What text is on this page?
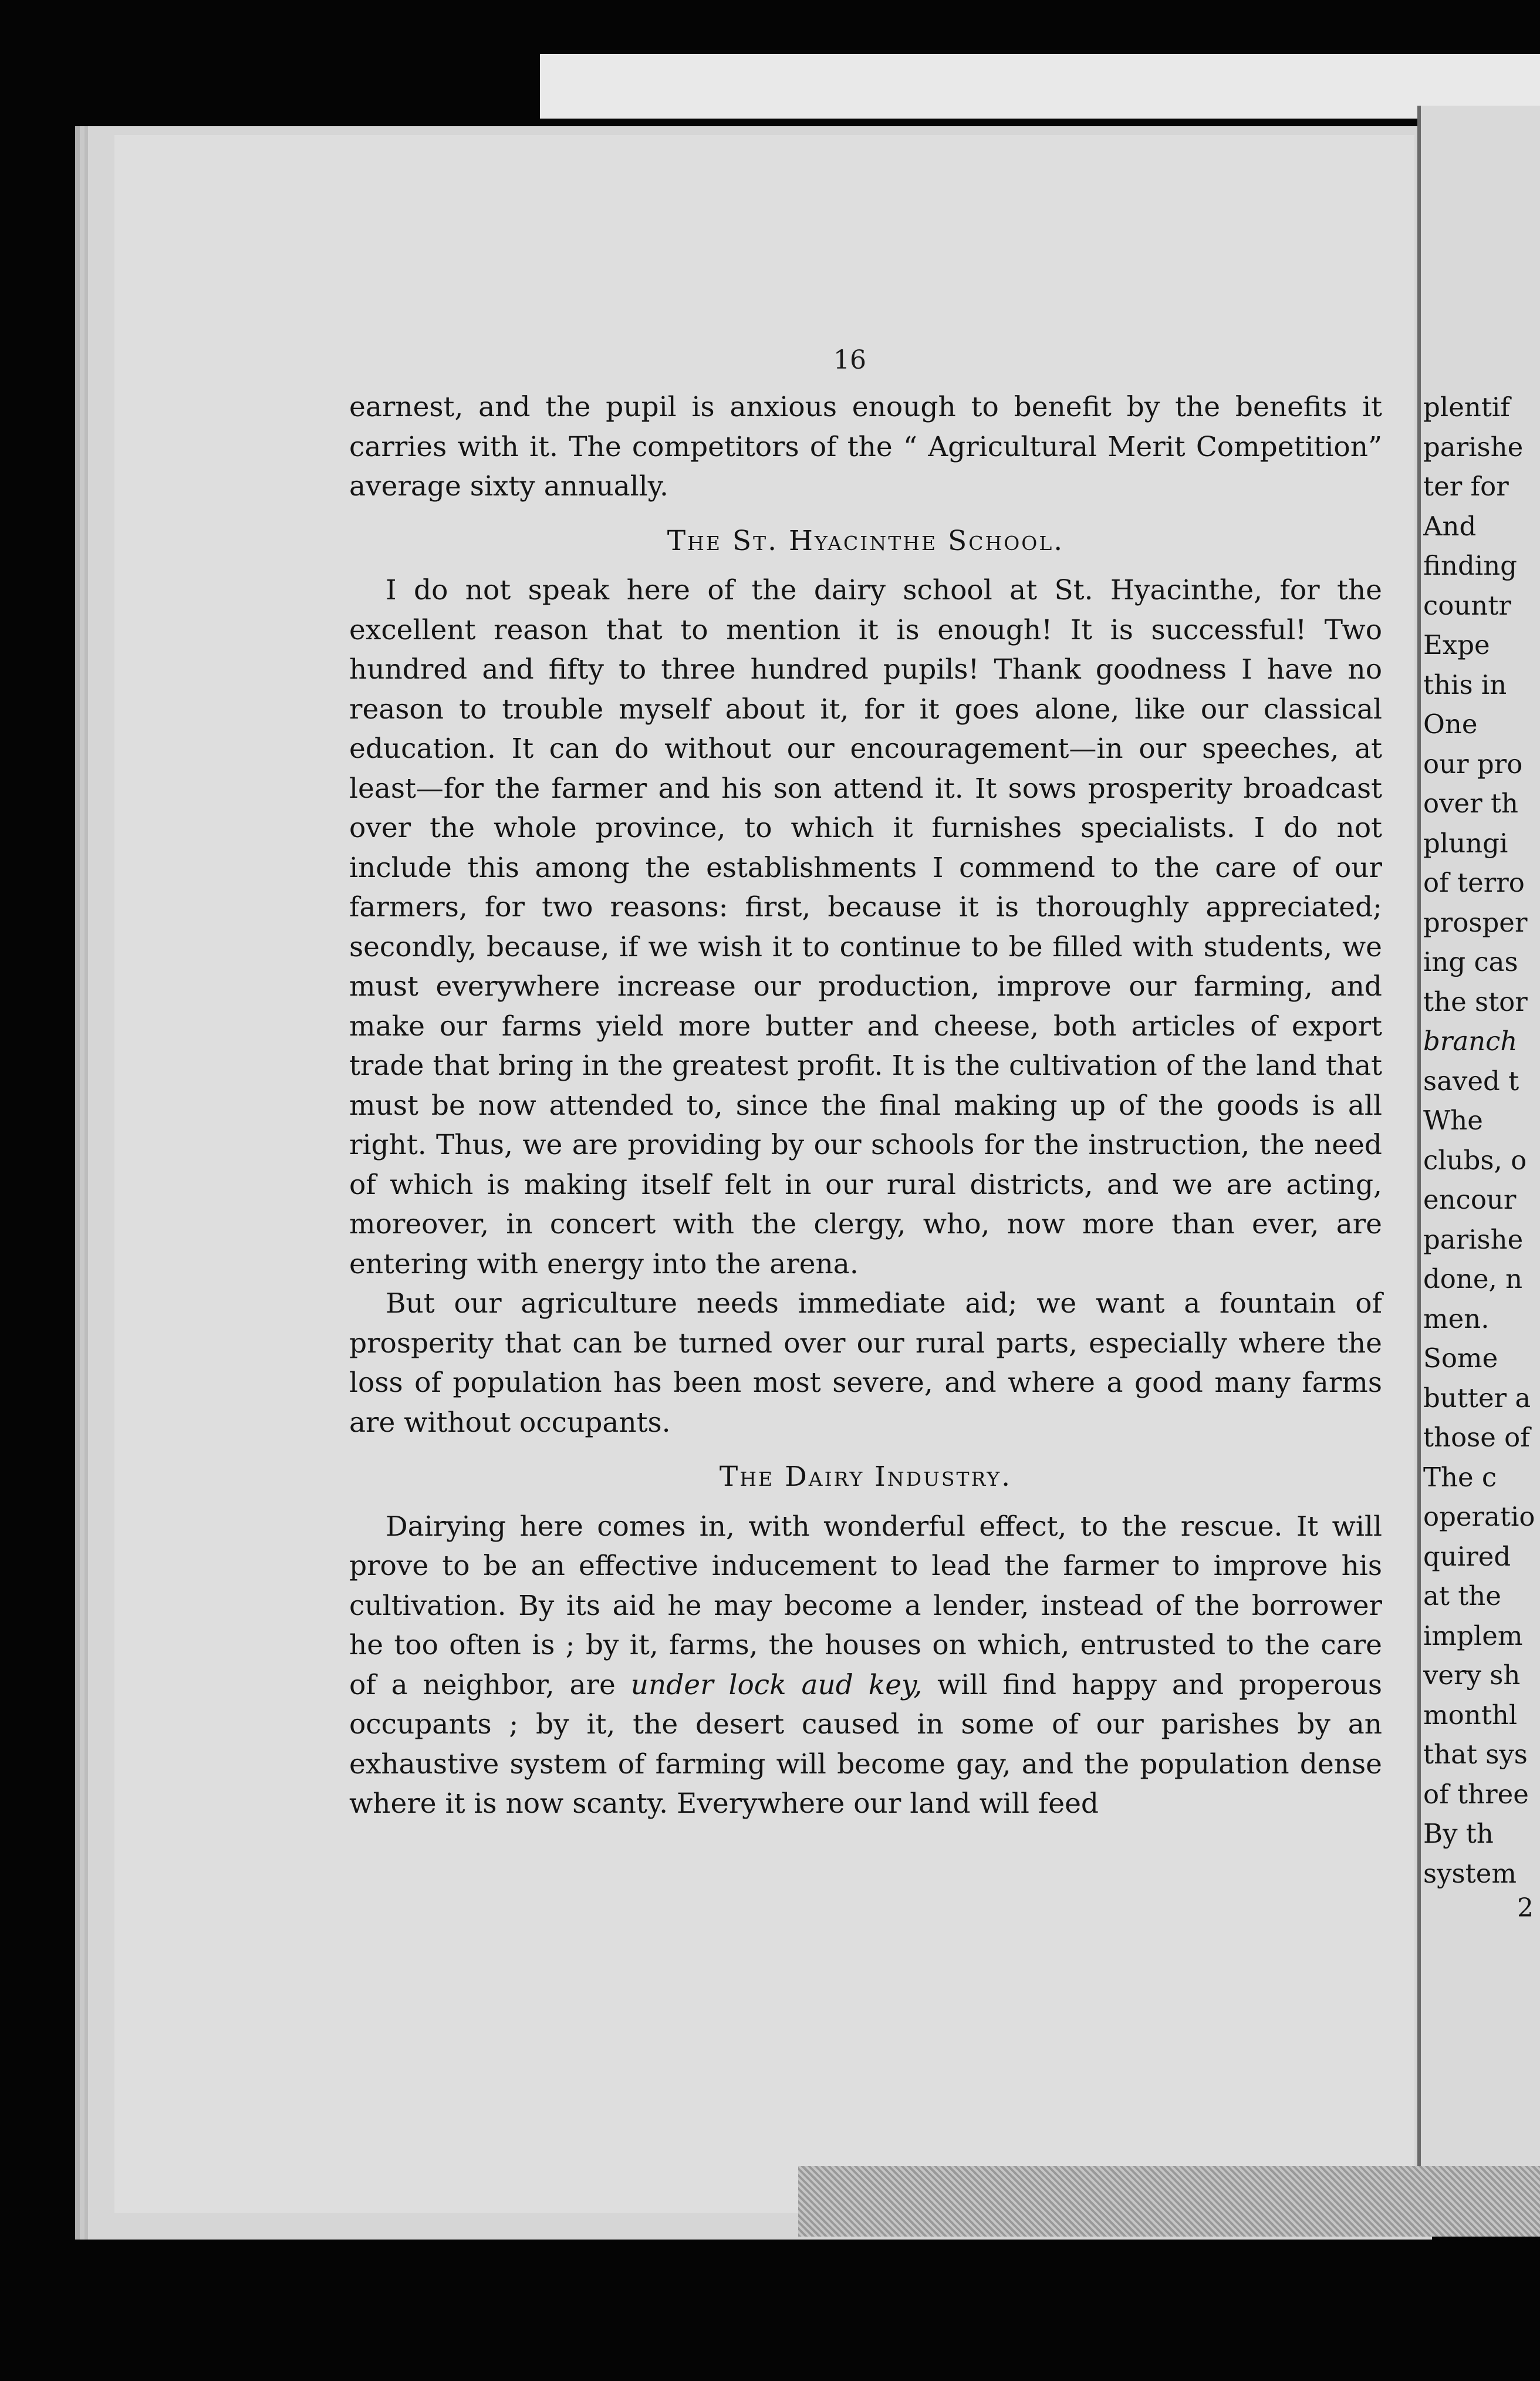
16

earnest, and the pupil is anxious enough to benefit by the benefits it carries with it. The competitors of the “ Agricultural Merit Competition” average sixty annually.

The St. Hyacinthe School.

I do not speak here of the dairy school at St. Hyacinthe, for the excellent reason that to mention it is enough! It is successful! Two hundred and fifty to three hundred pupils! Thank goodness I have no reason to trouble myself about it, for it goes alone, like our classical education. It can do without our encouragement—in our speeches, at least—for the farmer and his son attend it. It sows prosperity broadcast over the whole province, to which it furnishes specialists. I do not include this among the establishments I commend to the care of our farmers, for two reasons: first, because it is thoroughly appreciated; secondly, because, if we wish it to continue to be filled with students, we must everywhere increase our production, improve our farming, and make our farms yield more butter and cheese, both articles of export trade that bring in the greatest profit. It is the cultivation of the land that must be now attended to, since the final making up of the goods is all right. Thus, we are providing by our schools for the instruction, the need of which is making itself felt in our rural districts, and we are acting, moreover, in concert with the clergy, who, now more than ever, are entering with energy into the arena.

But our agriculture needs immediate aid; we want a fountain of prosperity that can be turned over our rural parts, especially where the loss of population has been most severe, and where a good many farms are without occupants.

The Dairy Industry.

Dairying here comes in, with wonderful effect, to the rescue. It will prove to be an effective inducement to lead the farmer to improve his cultivation. By its aid he may become a lender, instead of the borrower he too often is ; by it, farms, the houses on which, entrusted to the care of a neighbor, are under lock aud key, will find happy and properous occupants ; by it, the desert caused in some of our parishes by an exhaustive system of farming will become gay, and the population dense where it is now scanty. Everywhere our land will feed

plentif
parishe
ter for
And
finding
countr
Expe
this in
One
our pro
over th
plungi
of terro
prosper
ing cas
the stor
branch
saved t
Whe
clubs, o
encour
parishe
done, n
men.
Some
butter a
those of
The c
operatio
quired
at the
implem
very sh
monthl
that sys
of three
By th
system
2
